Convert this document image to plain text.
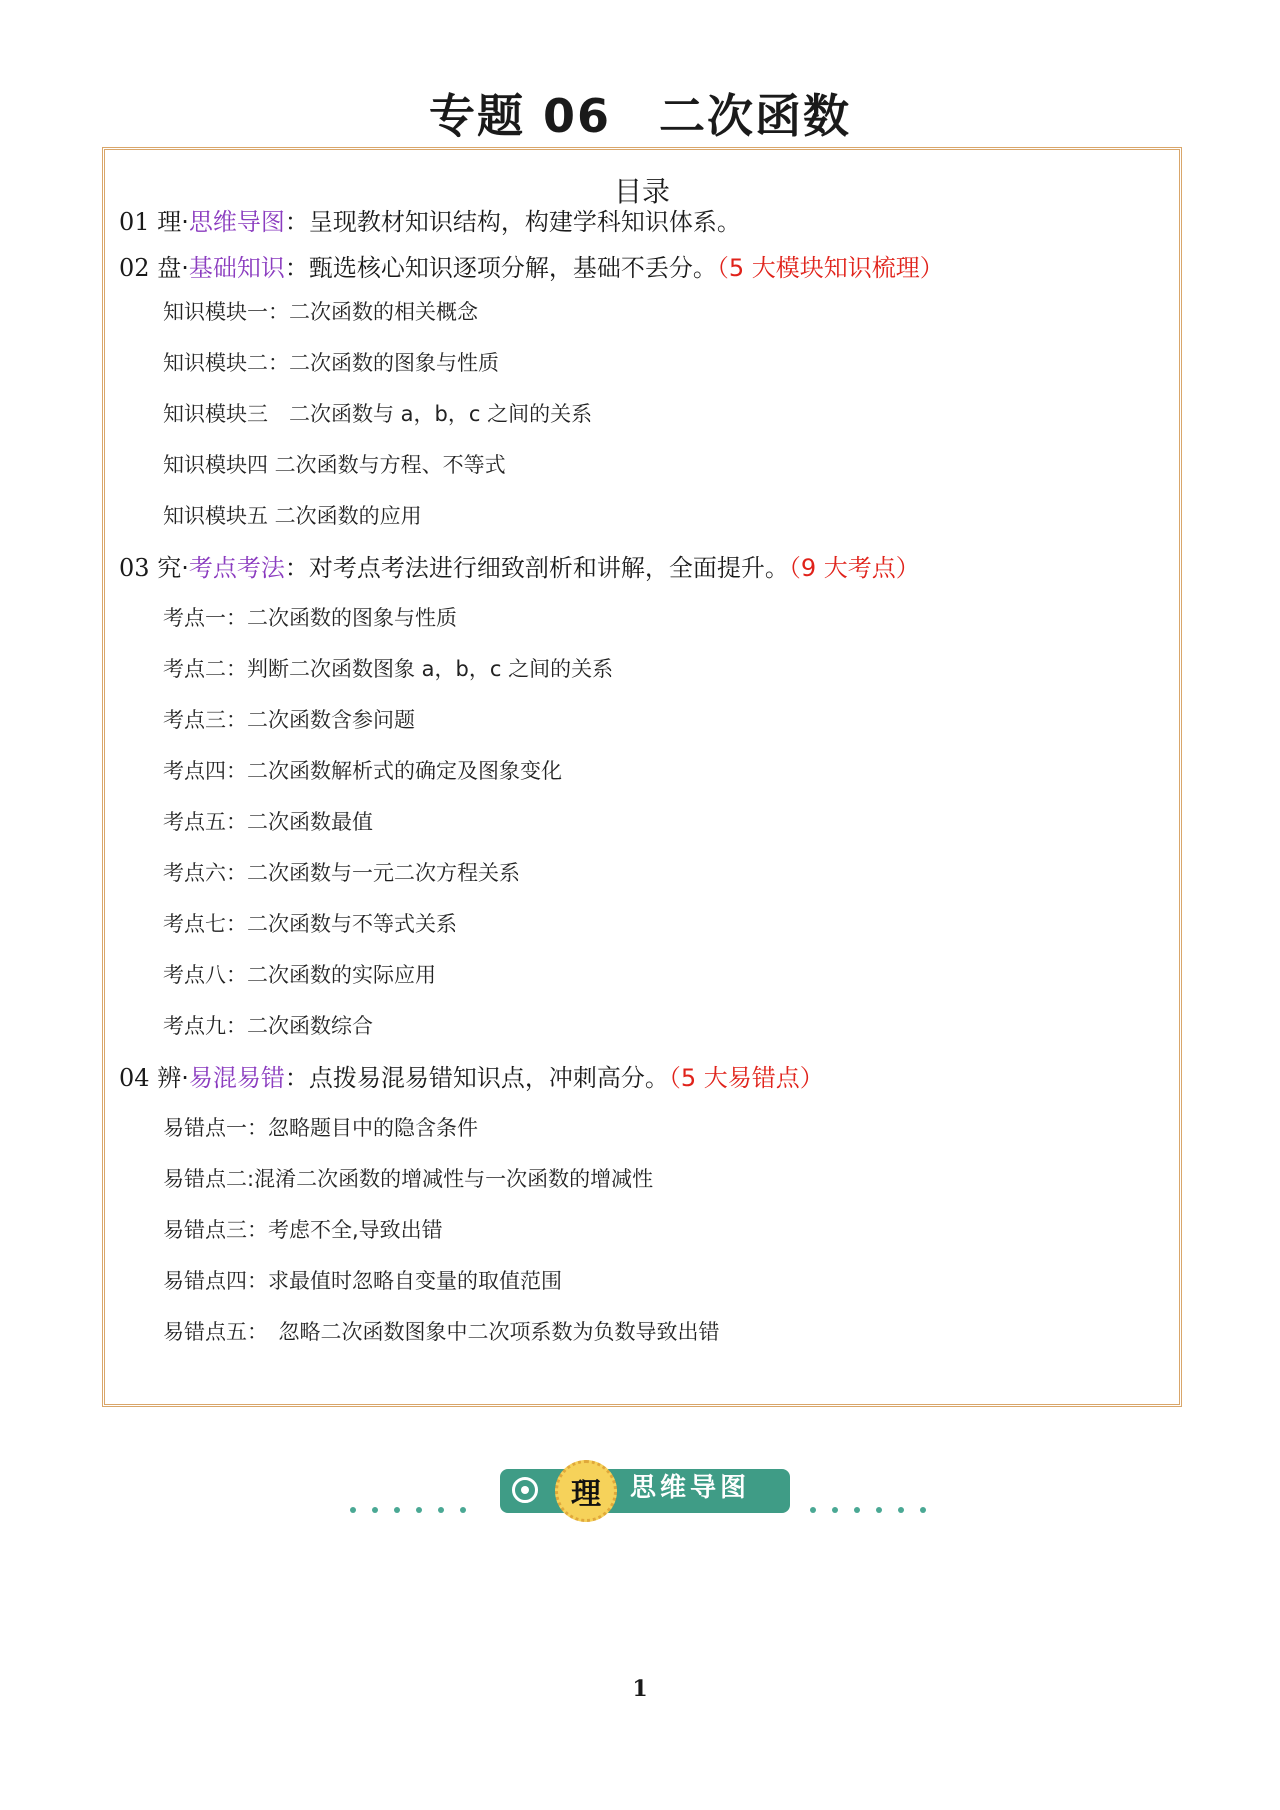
专题 06　二次函数
目录
01 理·思维导图：呈现教材知识结构，构建学科知识体系。
02 盘·基础知识：甄选核心知识逐项分解，基础不丢分。（5 大模块知识梳理）
知识模块一：二次函数的相关概念
知识模块二：二次函数的图象与性质
知识模块三　二次函数与 a，b，c 之间的关系
知识模块四 二次函数与方程、不等式
知识模块五 二次函数的应用
03 究·考点考法：对考点考法进行细致剖析和讲解，全面提升。（9 大考点）
考点一：二次函数的图象与性质
考点二：判断二次函数图象 a，b，c 之间的关系
考点三：二次函数含参问题
考点四：二次函数解析式的确定及图象变化
考点五：二次函数最值
考点六：二次函数与一元二次方程关系
考点七：二次函数与不等式关系
考点八：二次函数的实际应用
考点九：二次函数综合
04 辨·易混易错：点拨易混易错知识点，冲刺高分。（5 大易错点）
易错点一：忽略题目中的隐含条件
易错点二:混淆二次函数的增减性与一次函数的增减性
易错点三：考虑不全,导致出错
易错点四：求最值时忽略自变量的取值范围
易错点五：　忽略二次函数图象中二次项系数为负数导致出错
理	思维导图
1
